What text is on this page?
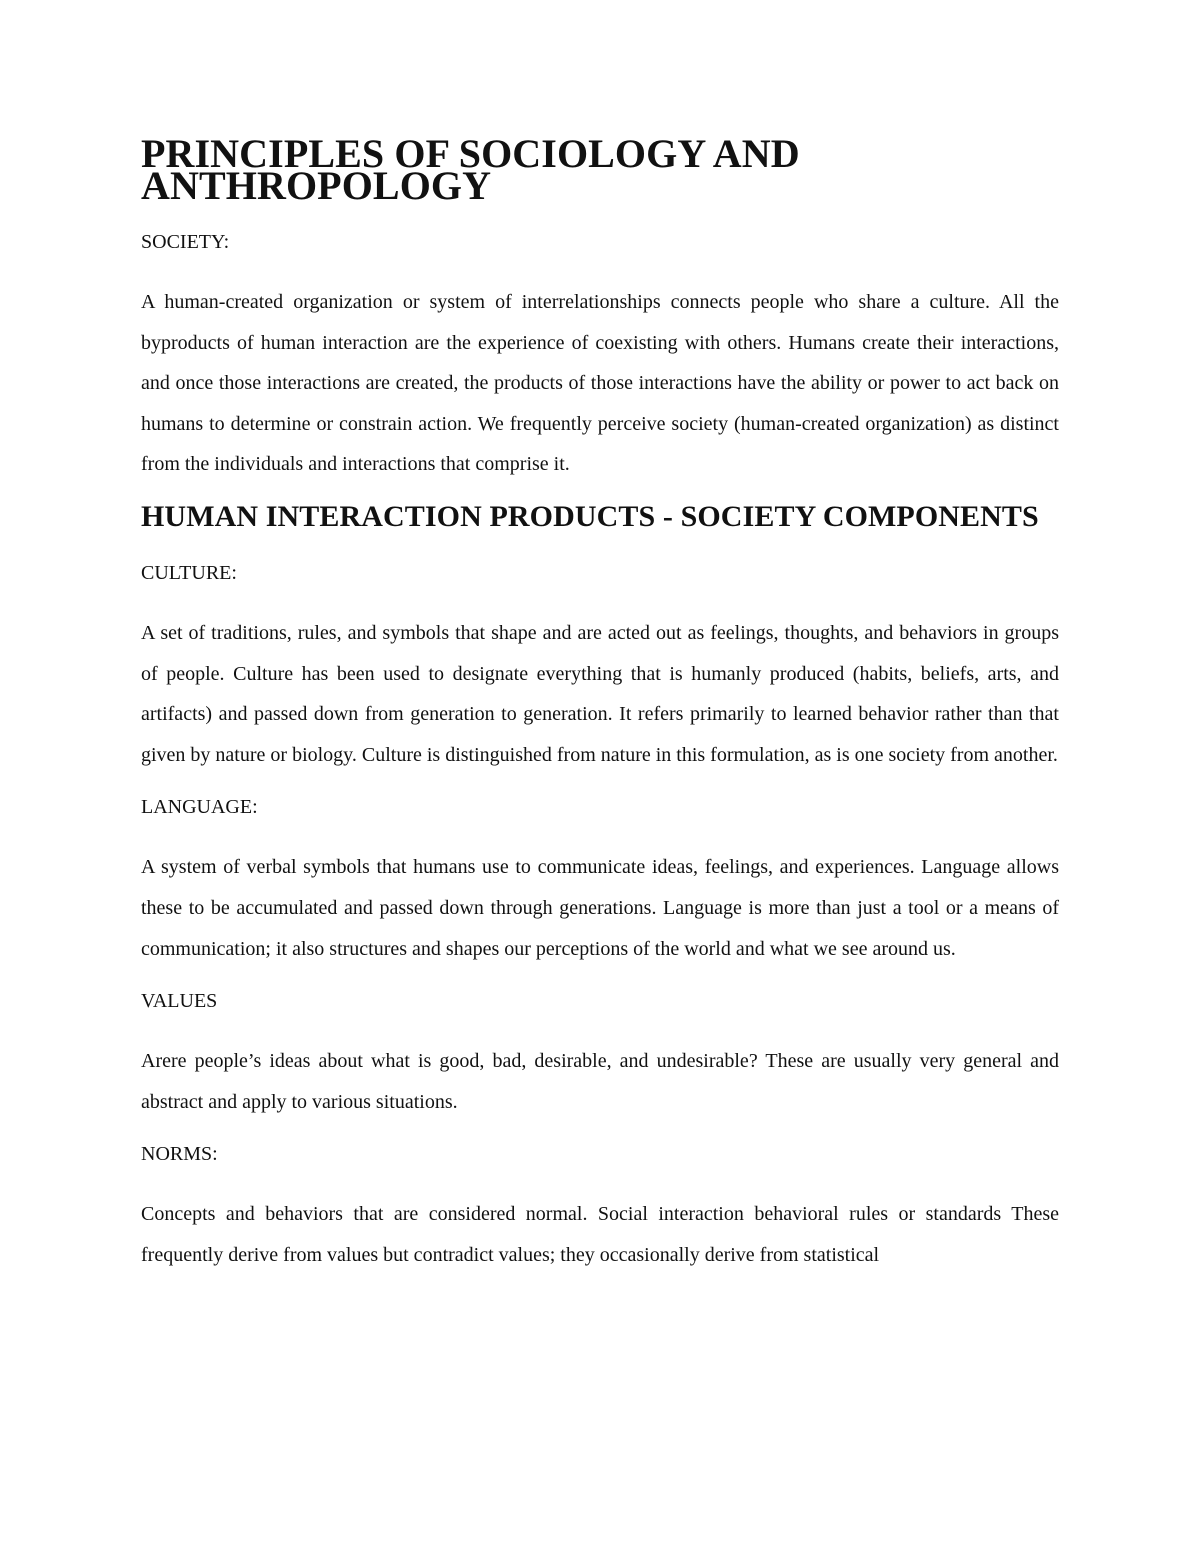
PRINCIPLES OF SOCIOLOGY AND ANTHROPOLOGY

SOCIETY:

A human-created organization or system of interrelationships connects people who share a culture. All the byproducts of human interaction are the experience of coexisting with others. Humans create their interactions, and once those interactions are created, the products of those interactions have the ability or power to act back on humans to determine or constrain action. We frequently perceive society (human-created organization) as distinct from the individuals and interactions that comprise it.

HUMAN INTERACTION PRODUCTS - SOCIETY COMPONENTS

CULTURE:

A set of traditions, rules, and symbols that shape and are acted out as feelings, thoughts, and behaviors in groups of people. Culture has been used to designate everything that is humanly produced (habits, beliefs, arts, and artifacts) and passed down from generation to generation. It refers primarily to learned behavior rather than that given by nature or biology. Culture is distinguished from nature in this formulation, as is one society from another.

LANGUAGE:

A system of verbal symbols that humans use to communicate ideas, feelings, and experiences. Language allows these to be accumulated and passed down through generations. Language is more than just a tool or a means of communication; it also structures and shapes our perceptions of the world and what we see around us.

VALUES

Arere people’s ideas about what is good, bad, desirable, and undesirable? These are usually very general and abstract and apply to various situations.

NORMS:

Concepts and behaviors that are considered normal. Social interaction behavioral rules or standards These frequently derive from values but contradict values; they occasionally derive from statistical
